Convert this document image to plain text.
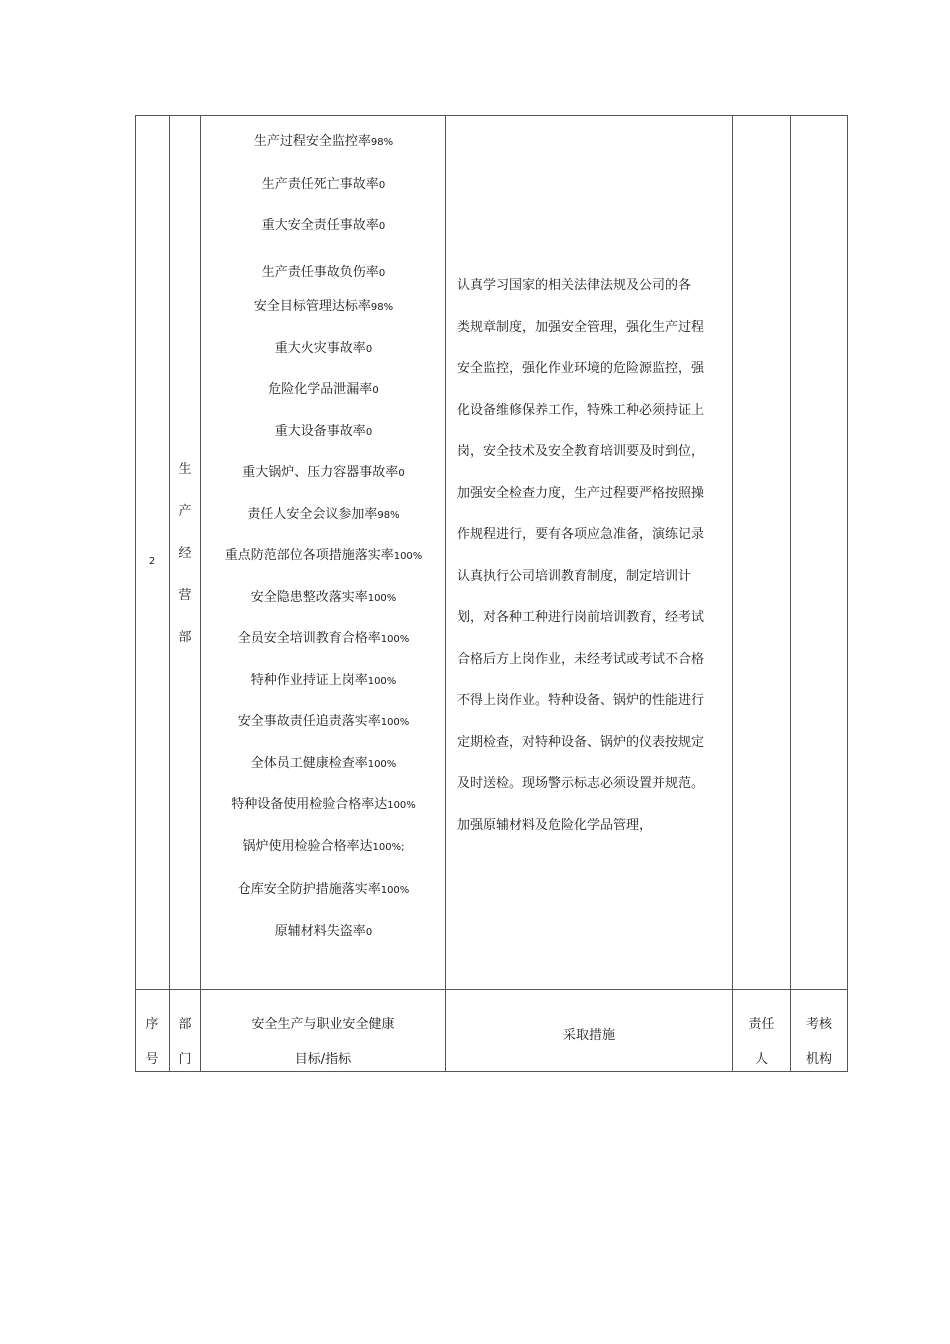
2
生
产
经
营
部
生产过程安全监控率98%
生产责任死亡事故率0
重大安全责任事故率0
生产责任事故负伤率0
安全目标管理达标率98%
重大火灾事故率0
危险化学品泄漏率0
重大设备事故率0
重大锅炉、压力容器事故率0
责任人安全会议参加率98%
重点防范部位各项措施落实率100%
安全隐患整改落实率100%
全员安全培训教育合格率100%
特种作业持证上岗率100%
安全事故责任追责落实率100%
全体员工健康检查率100%
特种设备使用检验合格率达100%
锅炉使用检验合格率达100%;
仓库安全防护措施落实率100%
原辅材料失盗率0
认真学习国家的相关法律法规及公司的各
类规章制度，加强安全管理，强化生产过程
安全监控，强化作业环境的危险源监控，强
化设备维修保养工作，特殊工种必须持证上
岗，安全技术及安全教育培训要及时到位，
加强安全检查力度，生产过程要严格按照操
作规程进行，要有各项应急准备，演练记录
认真执行公司培训教育制度，制定培训计
划，对各种工种进行岗前培训教育，经考试
合格后方上岗作业，未经考试或考试不合格
不得上岗作业。特种设备、锅炉的性能进行
定期检查，对特种设备、锅炉的仪表按规定
及时送检。现场警示标志必须设置并规范。
加强原辅材料及危险化学品管理，
序
号
部
门
安全生产与职业安全健康
目标/指标
采取措施
责任
人
考核
机构
